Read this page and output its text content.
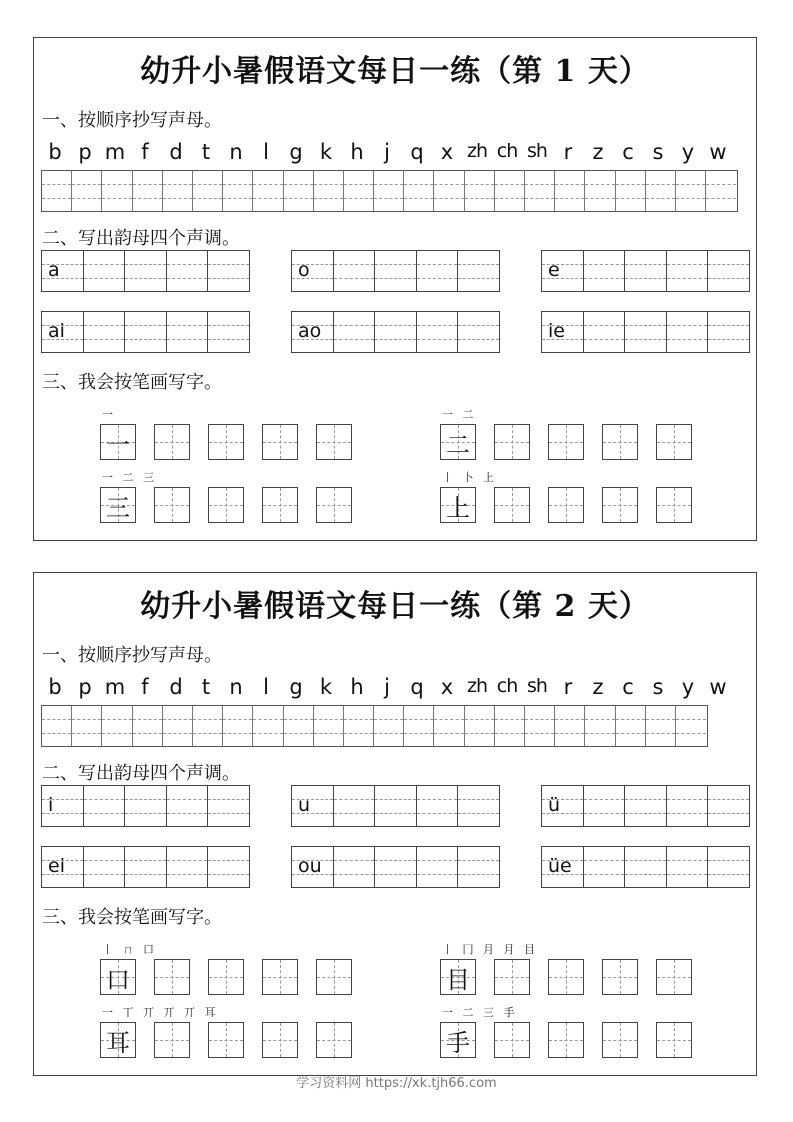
幼升小暑假语文每日一练（第 1 天）
一、按顺序抄写声母。
b p m f d t n l g k h j q x zh ch sh r z c s y w
二、写出韵母四个声调。
a	o	e
ai	ao	ie
三、我会按笔画写字。
一
一
一 二
二
一 二 三
三
丨 卜 上
上
幼升小暑假语文每日一练（第 2 天）
一、按顺序抄写声母。
b p m f d t n l g k h j q x zh ch sh r z c s y w
二、写出韵母四个声调。
i	u	ü
ei	ou	üe
三、我会按笔画写字。
丨 ㄇ 口
口
丨 冂 月 月 目
目
一 丅 丌 丌 丌 耳
耳
一 二 三 手
手
学习资料网 https://xk.tjh66.com
